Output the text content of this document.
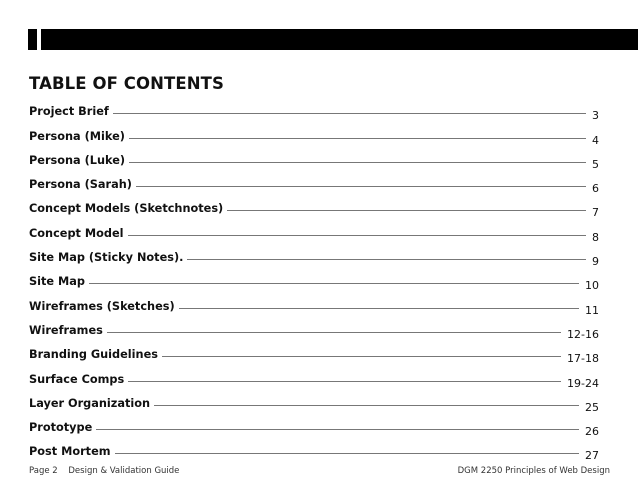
TABLE OF CONTENTS
Project Brief	3
Persona (Mike)	4
Persona (Luke)	5
Persona (Sarah)	6
Concept Models (Sketchnotes)	7
Concept Model	8
Site Map (Sticky Notes).	9
Site Map	10
Wireframes (Sketches)	11
Wireframes	12-16
Branding Guidelines	17-18
Surface Comps	19-24
Layer Organization	25
Prototype	26
Post Mortem	27
Page 2 Design & Validation Guide	DGM 2250 Principles of Web Design
